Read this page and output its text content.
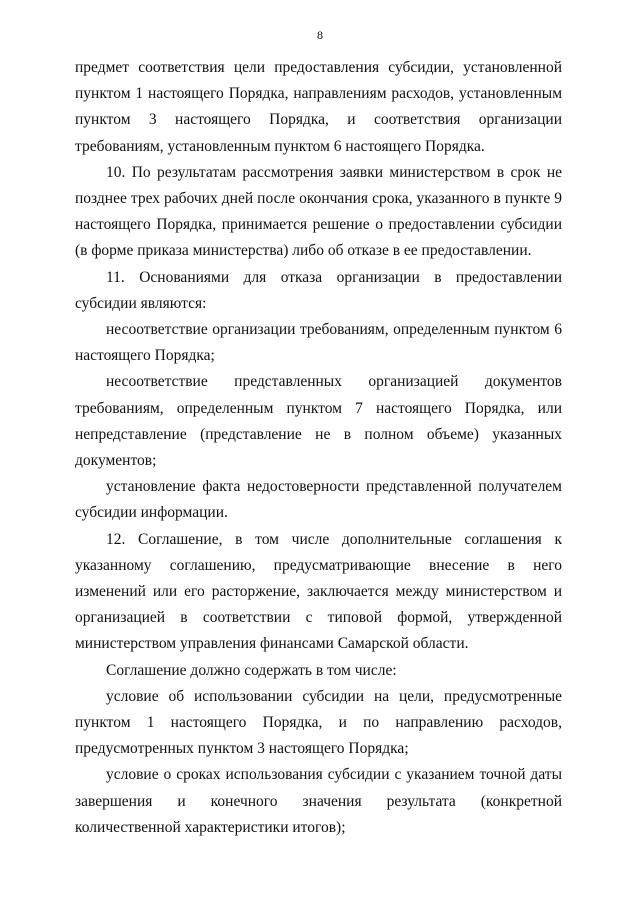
8

предмет соответствия цели предоставления субсидии, установленной пунктом 1 настоящего Порядка, направлениям расходов, установленным пунктом 3 настоящего Порядка, и соответствия организации требованиям, установленным пунктом 6 настоящего Порядка.

10. По результатам рассмотрения заявки министерством в срок не позднее трех рабочих дней после окончания срока, указанного в пункте 9 настоящего Порядка, принимается решение о предоставлении субсидии (в форме приказа министерства) либо об отказе в ее предоставлении.

11. Основаниями для отказа организации в предоставлении субсидии являются:

несоответствие организации требованиям, определенным пунктом 6 настоящего Порядка;

несоответствие представленных организацией документов требованиям, определенным пунктом 7 настоящего Порядка, или непредставление (представление не в полном объеме) указанных документов;

установление факта недостоверности представленной получателем субсидии информации.

12. Соглашение, в том числе дополнительные соглашения к указанному соглашению, предусматривающие внесение в него изменений или его расторжение, заключается между министерством и организацией в соответствии с типовой формой, утвержденной министерством управления финансами Самарской области.

Соглашение должно содержать в том числе:

условие об использовании субсидии на цели, предусмотренные пунктом 1 настоящего Порядка, и по направлению расходов, предусмотренных пунктом 3 настоящего Порядка;

условие о сроках использования субсидии с указанием точной даты завершения и конечного значения результата (конкретной количественной характеристики итогов);
